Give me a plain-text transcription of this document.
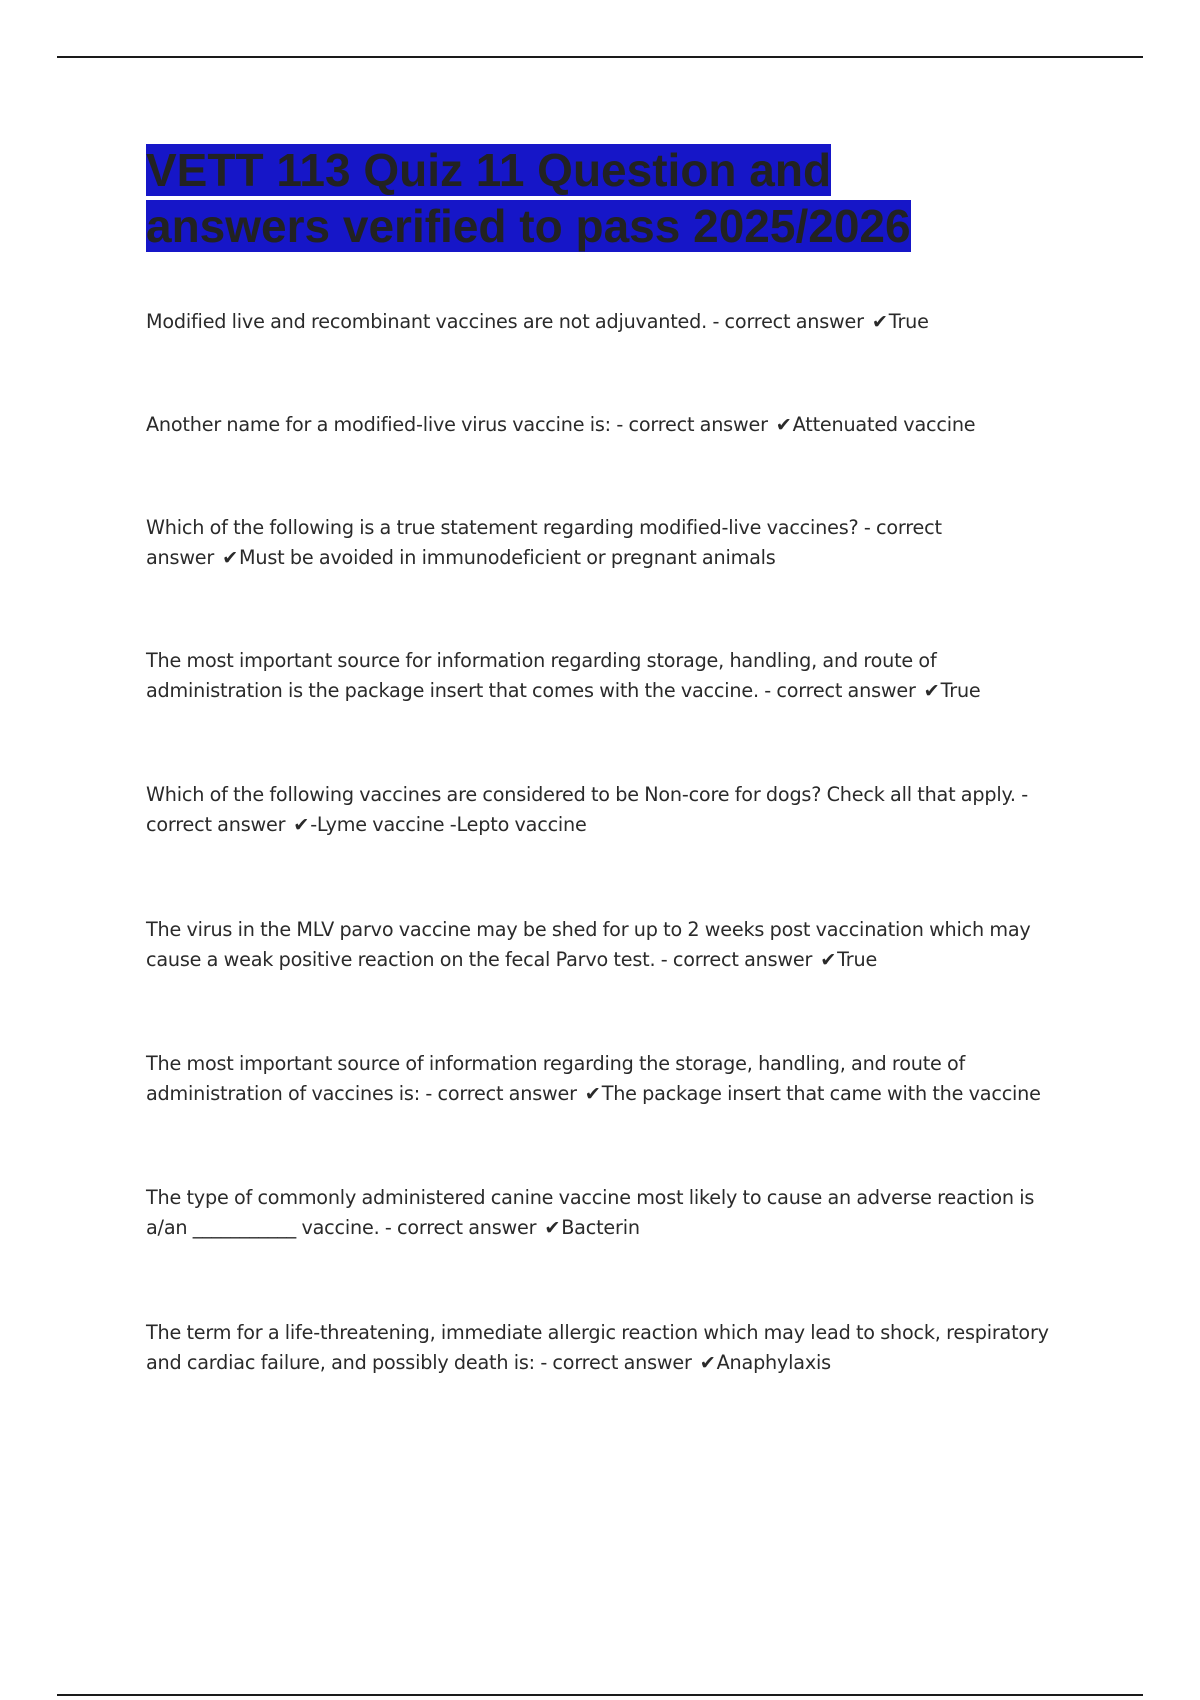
VETT 113 Quiz 11 Question and
answers verified to pass 2025/2026
Modified live and recombinant vaccines are not adjuvanted. - correct answer ✔True
Another name for a modified-live virus vaccine is: - correct answer ✔Attenuated vaccine
Which of the following is a true statement regarding modified-live vaccines? - correct answer ✔Must be avoided in immunodeficient or pregnant animals
The most important source for information regarding storage, handling, and route of administration is the package insert that comes with the vaccine. - correct answer ✔True
Which of the following vaccines are considered to be Non-core for dogs? Check all that apply. - correct answer ✔-Lyme vaccine -Lepto vaccine
The virus in the MLV parvo vaccine may be shed for up to 2 weeks post vaccination which may cause a weak positive reaction on the fecal Parvo test. - correct answer ✔True
The most important source of information regarding the storage, handling, and route of administration of vaccines is: - correct answer ✔The package insert that came with the vaccine
The type of commonly administered canine vaccine most likely to cause an adverse reaction is a/an ___________ vaccine. - correct answer ✔Bacterin
The term for a life-threatening, immediate allergic reaction which may lead to shock, respiratory and cardiac failure, and possibly death is: - correct answer ✔Anaphylaxis
